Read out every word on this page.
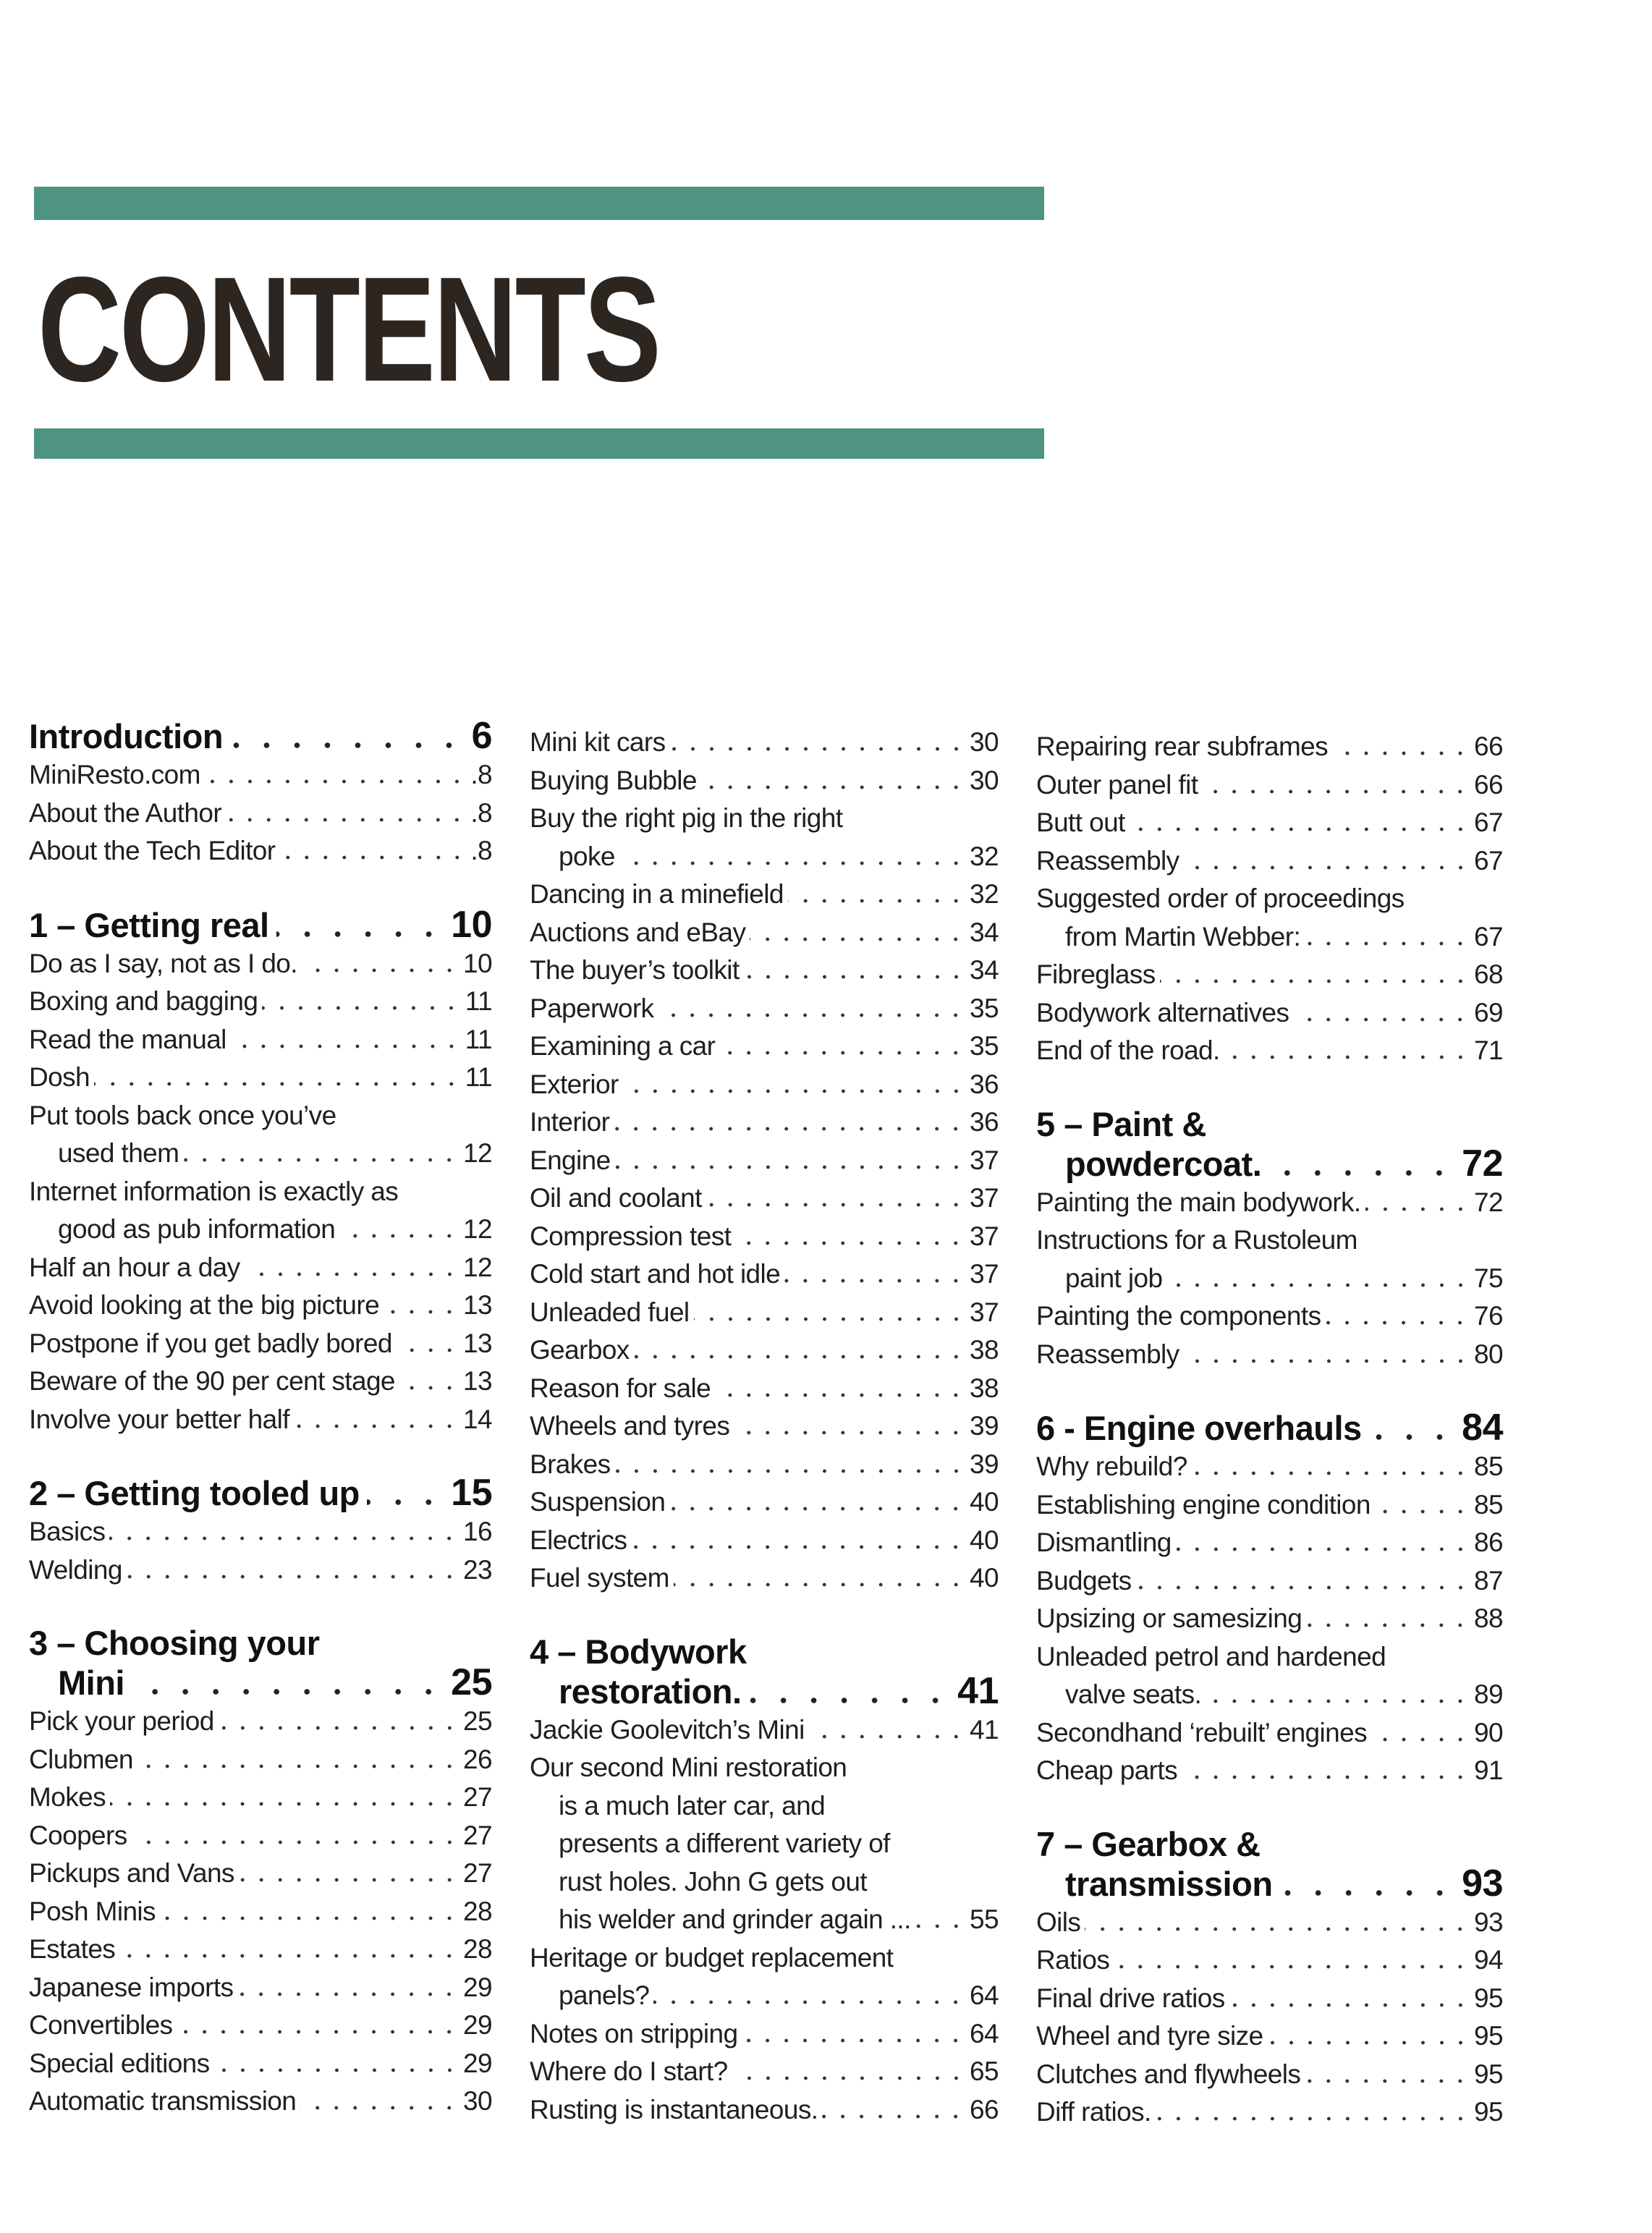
CONTENTS
Introduction	6
MiniResto.com	.8
About the Author	.8
About the Tech Editor	.8
1 – Getting real	10
Do as I say, not as I do.	10
Boxing and bagging	11
Read the manual	11
Dosh	11
Put tools back once you’ve
used them	12
Internet information is exactly as
good as pub information	12
Half an hour a day	12
Avoid looking at the big picture	13
Postpone if you get badly bored	13
Beware of the 90 per cent stage	13
Involve your better half	14
2 – Getting tooled up 15
Basics	16
Welding	23
3 – Choosing your
Mini	25
Pick your period	25
Clubmen	26
Mokes	27
Coopers	27
Pickups and Vans	27
Posh Minis	28
Estates	28
Japanese imports	29
Convertibles	29
Special editions	29
Automatic transmission	30
Mini kit cars	30
Buying Bubble	30
Buy the right pig in the right
poke	32
Dancing in a minefield	32
Auctions and eBay	34
The buyer’s toolkit	34
Paperwork	35
Examining a car	35
Exterior	36
Interior	36
Engine	37
Oil and coolant	37
Compression test	37
Cold start and hot idle	37
Unleaded fuel	37
Gearbox	38
Reason for sale	38
Wheels and tyres	39
Brakes	39
Suspension	40
Electrics	40
Fuel system	40
4 – Bodywork
restoration.	41
Jackie Goolevitch’s Mini	41
Our second Mini restoration
is a much later car, and
presents a different variety of
rust holes. John G gets out
his welder and grinder again ... 55
Heritage or budget replacement
panels?	64
Notes on stripping	64
Where do I start?	65
Rusting is instantaneous.	66
Repairing rear subframes	66
Outer panel fit	66
Butt out	67
Reassembly	67
Suggested order of proceedings
from Martin Webber:	67
Fibreglass	68
Bodywork alternatives	69
End of the road.	71
5 – Paint &
powdercoat.	72
Painting the main bodywork.	72
Instructions for a Rustoleum
paint job	75
Painting the components	76
Reassembly	80
6 - Engine overhauls	84
Why rebuild?	85
Establishing engine condition	85
Dismantling	86
Budgets	87
Upsizing or samesizing	88
Unleaded petrol and hardened
valve seats.	89
Secondhand ‘rebuilt’ engines	90
Cheap parts	91
7 – Gearbox &
transmission	93
Oils	93
Ratios	94
Final drive ratios	95
Wheel and tyre size	95
Clutches and flywheels	95
Diff ratios.	95
